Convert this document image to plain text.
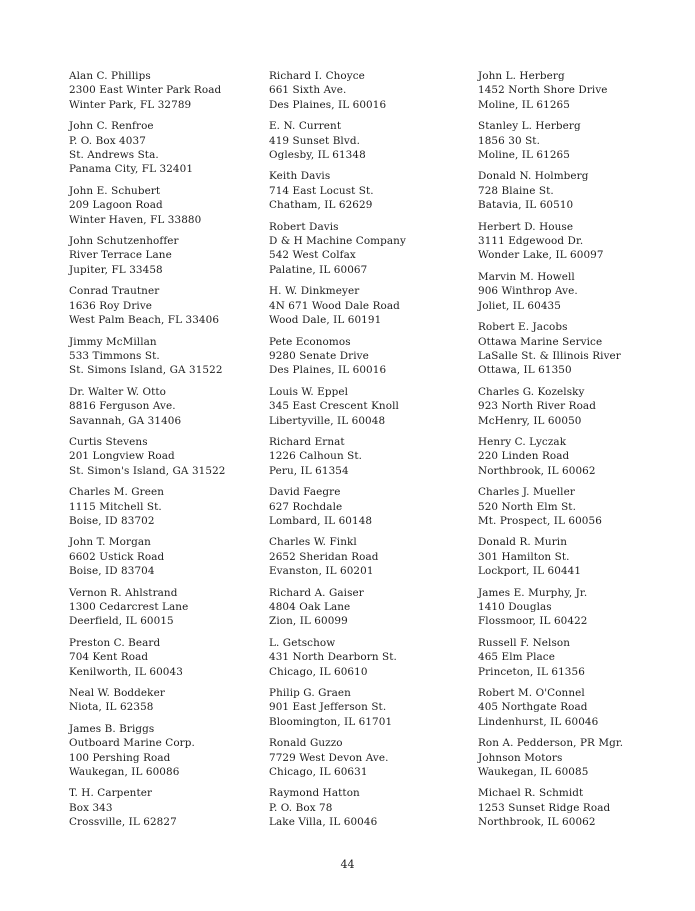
Alan C. Phillips
2300 East Winter Park Road
Winter Park, FL 32789
John C. Renfroe
P. O. Box 4037
St. Andrews Sta.
Panama City, FL 32401
John E. Schubert
209 Lagoon Road
Winter Haven, FL 33880
John Schutzenhoffer
River Terrace Lane
Jupiter, FL 33458
Conrad Trautner
1636 Roy Drive
West Palm Beach, FL 33406
Jimmy McMillan
533 Timmons St.
St. Simons Island, GA 31522
Dr. Walter W. Otto
8816 Ferguson Ave.
Savannah, GA 31406
Curtis Stevens
201 Longview Road
St. Simon's Island, GA 31522
Charles M. Green
1115 Mitchell St.
Boise, ID 83702
John T. Morgan
6602 Ustick Road
Boise, ID 83704
Vernon R. Ahlstrand
1300 Cedarcrest Lane
Deerfield, IL 60015
Preston C. Beard
704 Kent Road
Kenilworth, IL 60043
Neal W. Boddeker
Niota, IL 62358
James B. Briggs
Outboard Marine Corp.
100 Pershing Road
Waukegan, IL 60086
T. H. Carpenter
Box 343
Crossville, IL 62827
Richard I. Choyce
661 Sixth Ave.
Des Plaines, IL 60016
E. N. Current
419 Sunset Blvd.
Oglesby, IL 61348
Keith Davis
714 East Locust St.
Chatham, IL 62629
Robert Davis
D & H Machine Company
542 West Colfax
Palatine, IL 60067
H. W. Dinkmeyer
4N 671 Wood Dale Road
Wood Dale, IL 60191
Pete Economos
9280 Senate Drive
Des Plaines, IL 60016
Louis W. Eppel
345 East Crescent Knoll
Libertyville, IL 60048
Richard Ernat
1226 Calhoun St.
Peru, IL 61354
David Faegre
627 Rochdale
Lombard, IL 60148
Charles W. Finkl
2652 Sheridan Road
Evanston, IL 60201
Richard A. Gaiser
4804 Oak Lane
Zion, IL 60099
L. Getschow
431 North Dearborn St.
Chicago, IL 60610
Philip G. Graen
901 East Jefferson St.
Bloomington, IL 61701
Ronald Guzzo
7729 West Devon Ave.
Chicago, IL 60631
Raymond Hatton
P. O. Box 78
Lake Villa, IL 60046
John L. Herberg
1452 North Shore Drive
Moline, IL 61265
Stanley L. Herberg
1856 30 St.
Moline, IL 61265
Donald N. Holmberg
728 Blaine St.
Batavia, IL 60510
Herbert D. House
3111 Edgewood Dr.
Wonder Lake, IL 60097
Marvin M. Howell
906 Winthrop Ave.
Joliet, IL 60435
Robert E. Jacobs
Ottawa Marine Service
LaSalle St. & Illinois River
Ottawa, IL 61350
Charles G. Kozelsky
923 North River Road
McHenry, IL 60050
Henry C. Lyczak
220 Linden Road
Northbrook, IL 60062
Charles J. Mueller
520 North Elm St.
Mt. Prospect, IL 60056
Donald R. Murin
301 Hamilton St.
Lockport, IL 60441
James E. Murphy, Jr.
1410 Douglas
Flossmoor, IL 60422
Russell F. Nelson
465 Elm Place
Princeton, IL 61356
Robert M. O'Connel
405 Northgate Road
Lindenhurst, IL 60046
Ron A. Pedderson, PR Mgr.
Johnson Motors
Waukegan, IL 60085
Michael R. Schmidt
1253 Sunset Ridge Road
Northbrook, IL 60062
44
